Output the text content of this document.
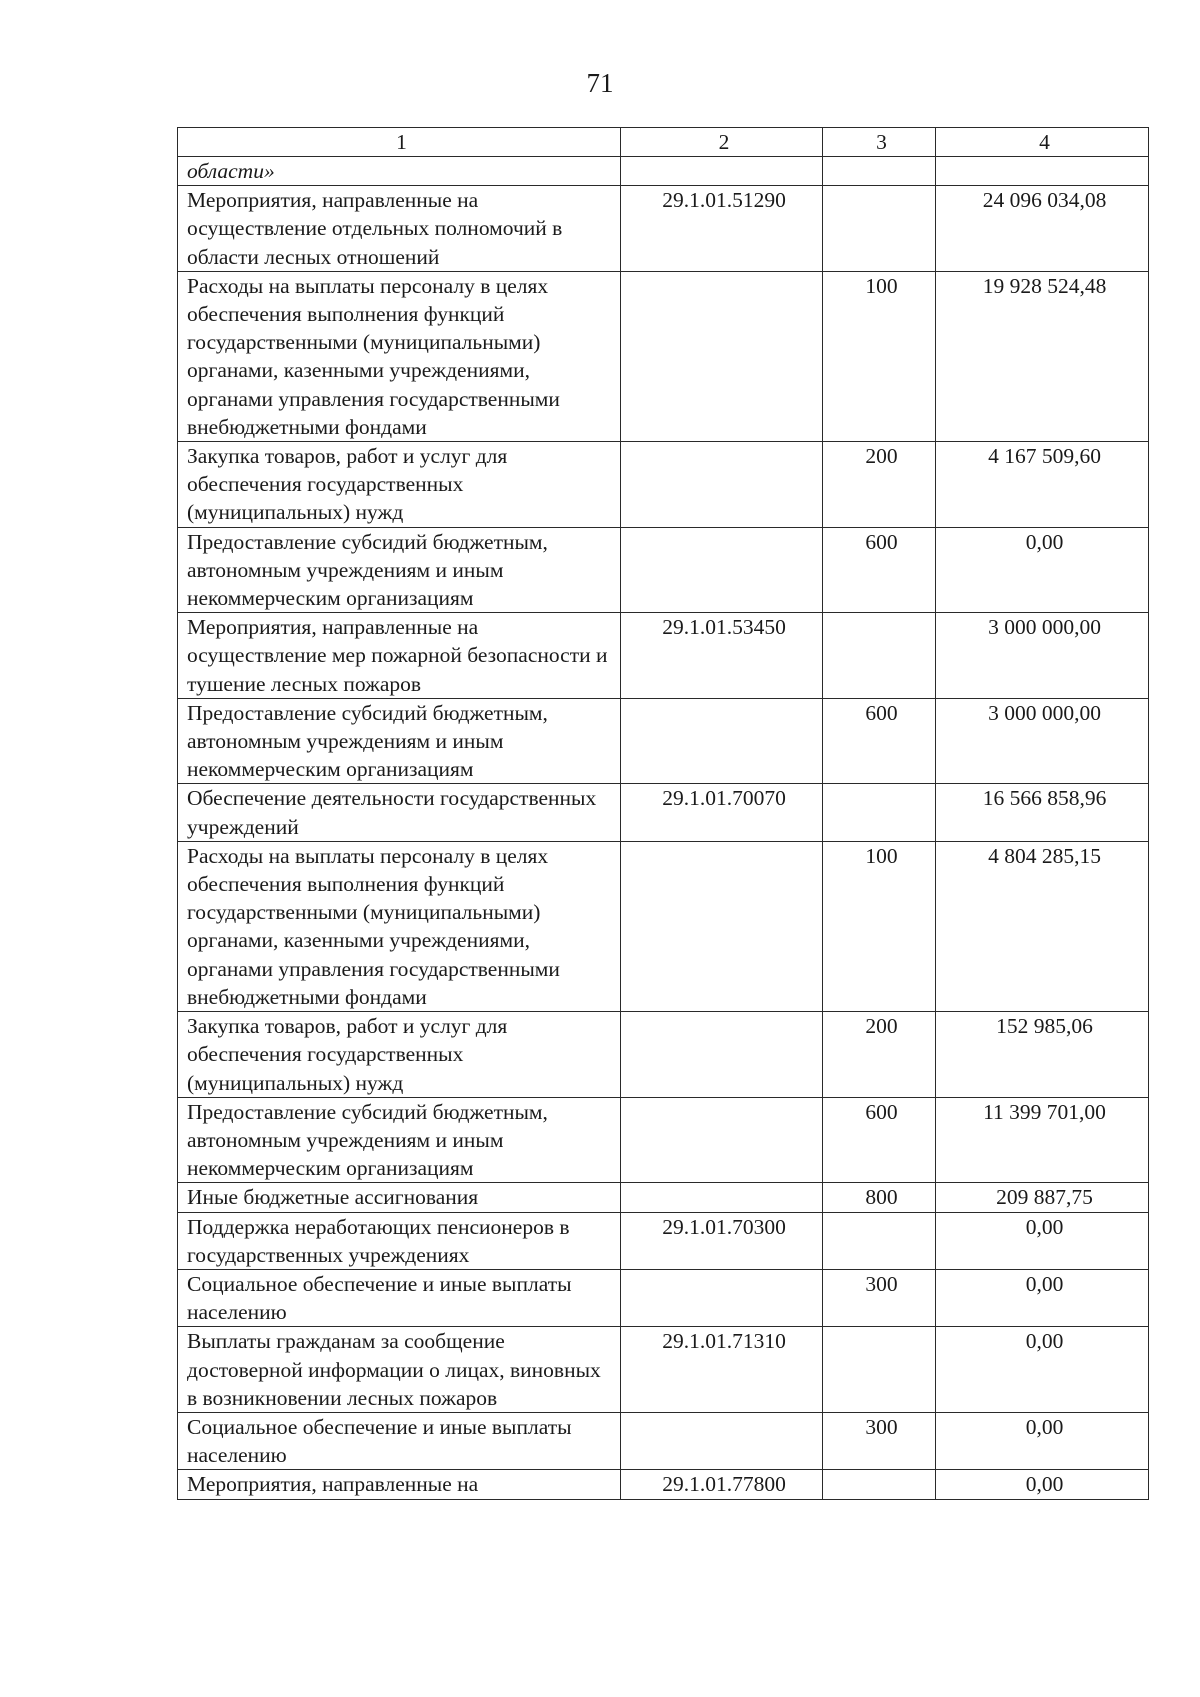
71
1	2	3	4
области»			
Мероприятия, направленные на осуществление отдельных полномочий в области лесных отношений	29.1.01.51290		24 096 034,08
Расходы на выплаты персоналу в целях обеспечения выполнения функций государственными (муниципальными) органами, казенными учреждениями, органами управления государственными внебюджетными фондами		100	19 928 524,48
Закупка товаров, работ и услуг для обеспечения государственных (муниципальных) нужд		200	4 167 509,60
Предоставление субсидий бюджетным, автономным учреждениям и иным некоммерческим организациям		600	0,00
Мероприятия, направленные на осуществление мер пожарной безопасности и тушение лесных пожаров	29.1.01.53450		3 000 000,00
Предоставление субсидий бюджетным, автономным учреждениям и иным некоммерческим организациям		600	3 000 000,00
Обеспечение деятельности государственных учреждений	29.1.01.70070		16 566 858,96
Расходы на выплаты персоналу в целях обеспечения выполнения функций государственными (муниципальными) органами, казенными учреждениями, органами управления государственными внебюджетными фондами		100	4 804 285,15
Закупка товаров, работ и услуг для обеспечения государственных (муниципальных) нужд		200	152 985,06
Предоставление субсидий бюджетным, автономным учреждениям и иным некоммерческим организациям		600	11 399 701,00
Иные бюджетные ассигнования		800	209 887,75
Поддержка неработающих пенсионеров в государственных учреждениях	29.1.01.70300		0,00
Социальное обеспечение и иные выплаты населению		300	0,00
Выплаты гражданам за сообщение достоверной информации о лицах, виновных в возникновении лесных пожаров	29.1.01.71310		0,00
Социальное обеспечение и иные выплаты населению		300	0,00
Мероприятия, направленные на	29.1.01.77800		0,00
